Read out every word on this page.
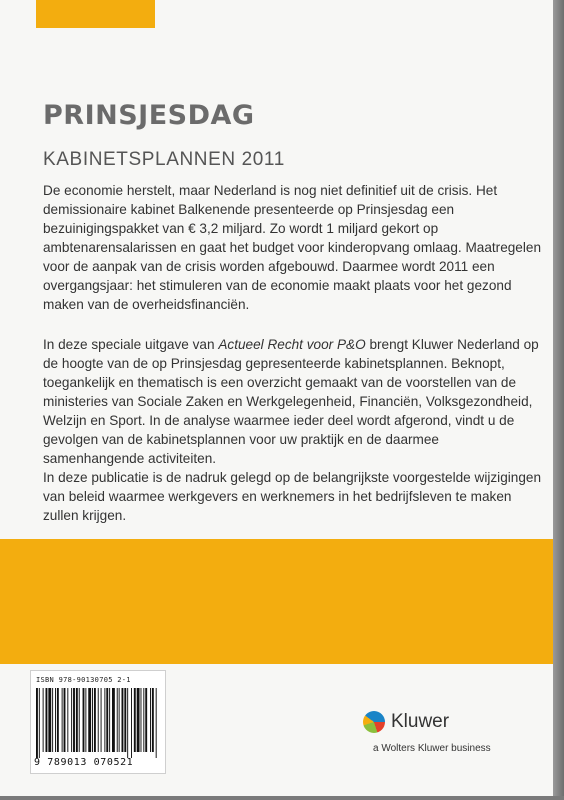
PRINSJESDAG
KABINETSPLANNEN 2011

De economie herstelt, maar Nederland is nog niet definitief uit de crisis. Het demissionaire kabinet Balkenende presenteerde op Prinsjesdag een bezuinigingspakket van € 3,2 miljard. Zo wordt 1 miljard gekort op ambtenarensalarissen en gaat het budget voor kinderopvang omlaag. Maatregelen voor de aanpak van de crisis worden afgebouwd. Daarmee wordt 2011 een overgangsjaar: het stimuleren van de economie maakt plaats voor het gezond maken van de overheidsfinanciën.

In deze speciale uitgave van Actueel Recht voor P&O brengt Kluwer Nederland op de hoogte van de op Prinsjesdag gepresenteerde kabinetsplannen. Beknopt, toegankelijk en thematisch is een overzicht gemaakt van de voorstellen van de ministeries van Sociale Zaken en Werkgelegenheid, Financiën, Volksgezondheid, Welzijn en Sport. In de analyse waarmee ieder deel wordt afgerond, vindt u de gevolgen van de kabinetsplannen voor uw praktijk en de daarmee samenhangende activiteiten.

In deze publicatie is de nadruk gelegd op de belangrijkste voorgestelde wijzigingen van beleid waarmee werkgevers en werknemers in het bedrijfsleven te maken zullen krijgen.

ISBN 978-90130705 2-1
9 789013 070521
Kluwer
a Wolters Kluwer business
